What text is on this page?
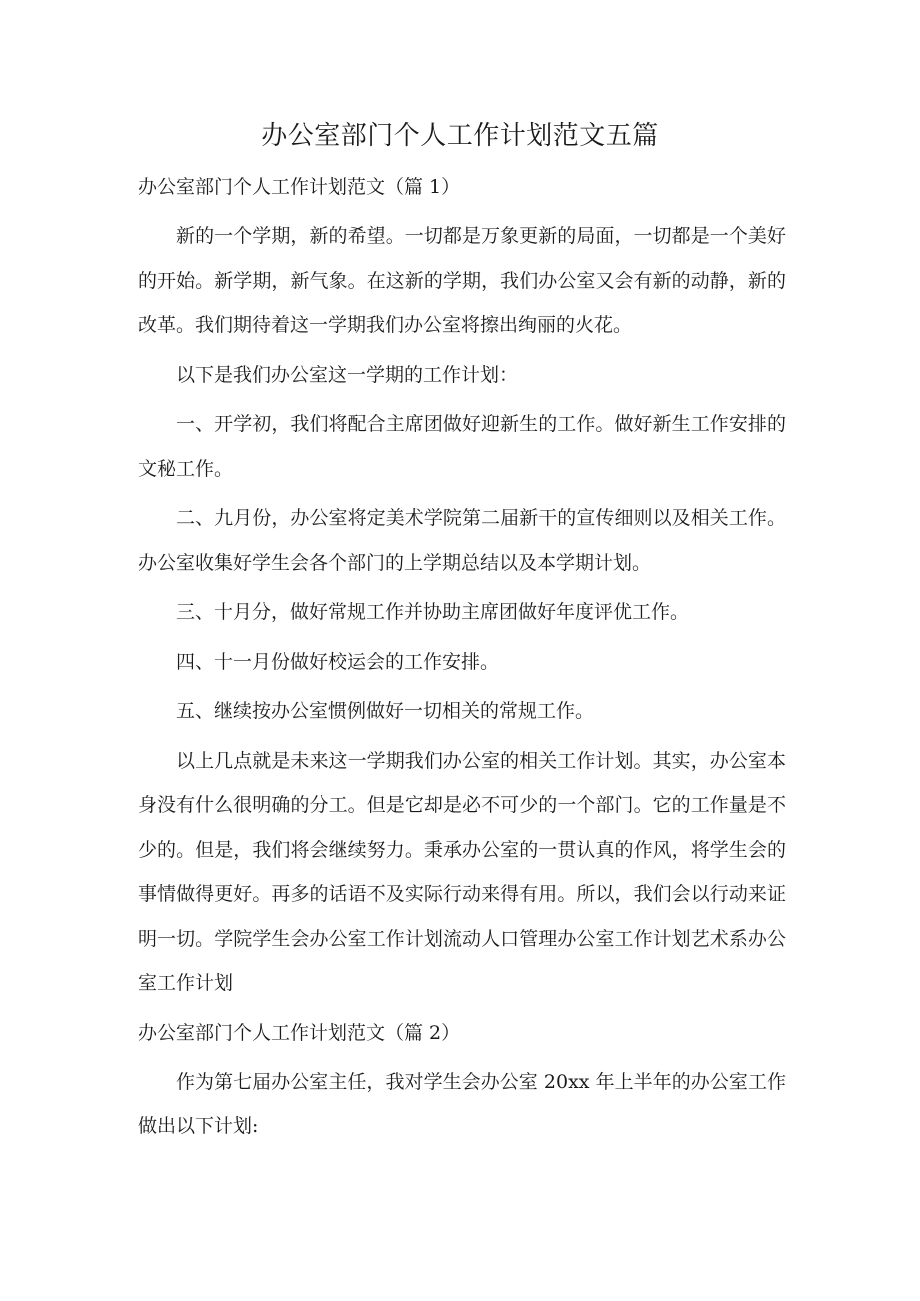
办公室部门个人工作计划范文五篇
办公室部门个人工作计划范文（篇 1）

新的一个学期，新的希望。一切都是万象更新的局面，一切都是一个美好的开始。新学期，新气象。在这新的学期，我们办公室又会有新的动静，新的改革。我们期待着这一学期我们办公室将擦出绚丽的火花。

以下是我们办公室这一学期的工作计划：

一、开学初，我们将配合主席团做好迎新生的工作。做好新生工作安排的文秘工作。

二、九月份，办公室将定美术学院第二届新干的宣传细则以及相关工作。办公室收集好学生会各个部门的上学期总结以及本学期计划。

三、十月分，做好常规工作并协助主席团做好年度评优工作。

四、十一月份做好校运会的工作安排。

五、继续按办公室惯例做好一切相关的常规工作。

以上几点就是未来这一学期我们办公室的相关工作计划。其实，办公室本身没有什么很明确的分工。但是它却是必不可少的一个部门。它的工作量是不少的。但是，我们将会继续努力。秉承办公室的一贯认真的作风，将学生会的事情做得更好。再多的话语不及实际行动来得有用。所以，我们会以行动来证明一切。学院学生会办公室工作计划流动人口管理办公室工作计划艺术系办公室工作计划

办公室部门个人工作计划范文（篇 2）

作为第七届办公室主任，我对学生会办公室 20xx 年上半年的办公室工作做出以下计划:
